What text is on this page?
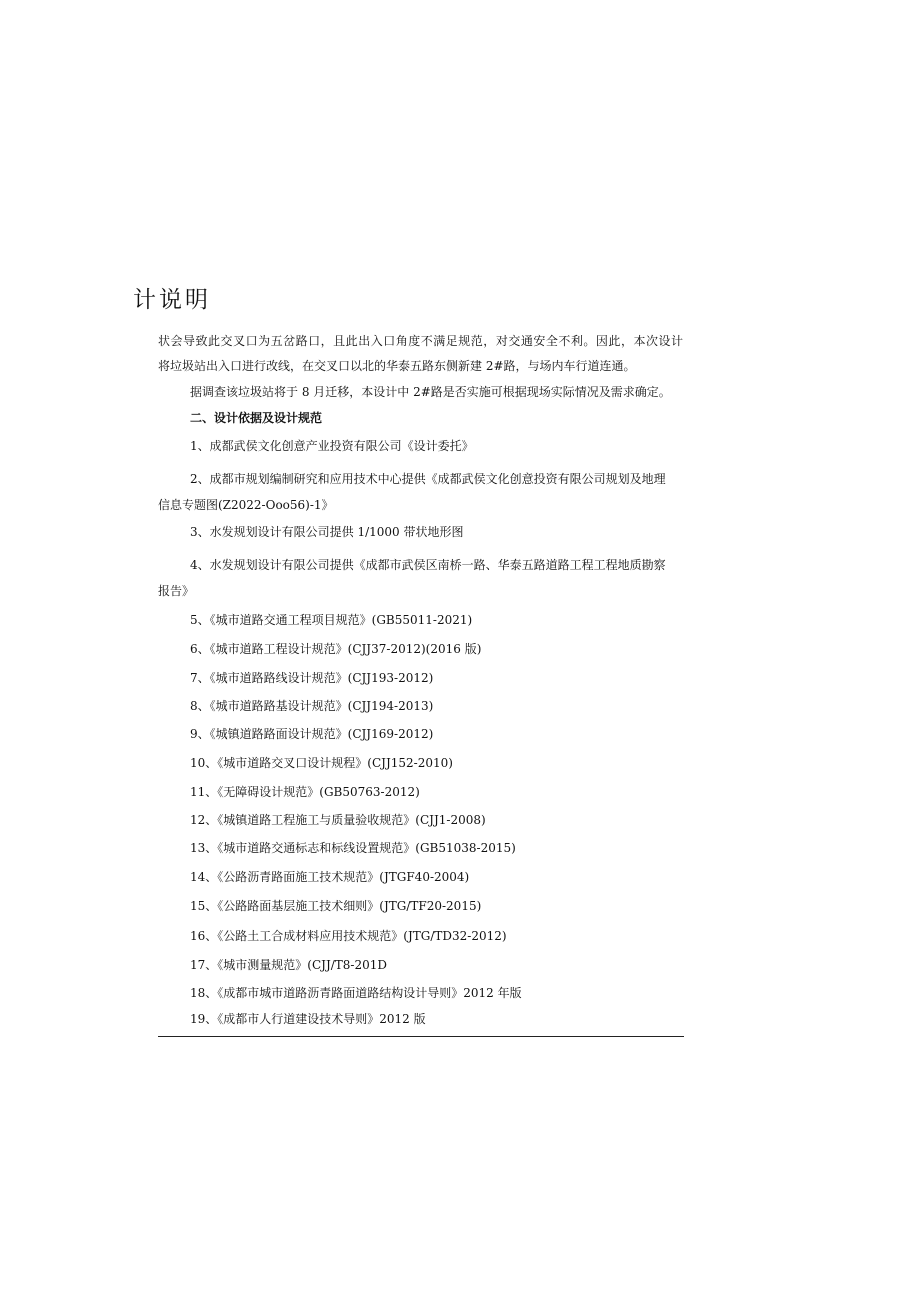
计说明
状会导致此交叉口为五岔路口，且此出入口角度不满足规范，对交通安全不利。因此，本次设计
将垃圾站出入口进行改线，在交叉口以北的华泰五路东侧新建 2#路，与场内车行道连通。
据调查该垃圾站将于 8 月迁移，本设计中 2#路是否实施可根据现场实际情况及需求确定。
二、设计依据及设计规范
1、成都武侯文化创意产业投资有限公司《设计委托》
2、成都市规划编制研究和应用技术中心提供《成都武侯文化创意投资有限公司规划及地理
信息专题图(Z2022-Ooo56)-1》
3、水发规划设计有限公司提供 1/1000 带状地形图
4、水发规划设计有限公司提供《成都市武侯区南桥一路、华泰五路道路工程工程地质勘察
报告》
5、《城市道路交通工程项目规范》(GB55011-2021)
6、《城市道路工程设计规范》(CJJ37-2012)(2016 版)
7、《城市道路路线设计规范》(CJJ193-2012)
8、《城市道路路基设计规范》(CJJ194-2013)
9、《城镇道路路面设计规范》(CJJ169-2012)
10、《城市道路交叉口设计规程》(CJJ152-2010)
11、《无障碍设计规范》(GB50763-2012)
12、《城镇道路工程施工与质量验收规范》(CJJ1-2008)
13、《城市道路交通标志和标线设置规范》(GB51038-2015)
14、《公路沥青路面施工技术规范》(JTGF40-2004)
15、《公路路面基层施工技术细则》(JTG/TF20-2015)
16、《公路土工合成材料应用技术规范》(JTG/TD32-2012)
17、《城市测量规范》(CJJ/T8-201D
18、《成都市城市道路沥青路面道路结构设计导则》2012 年版
19、《成都市人行道建设技术导则》2012 版
